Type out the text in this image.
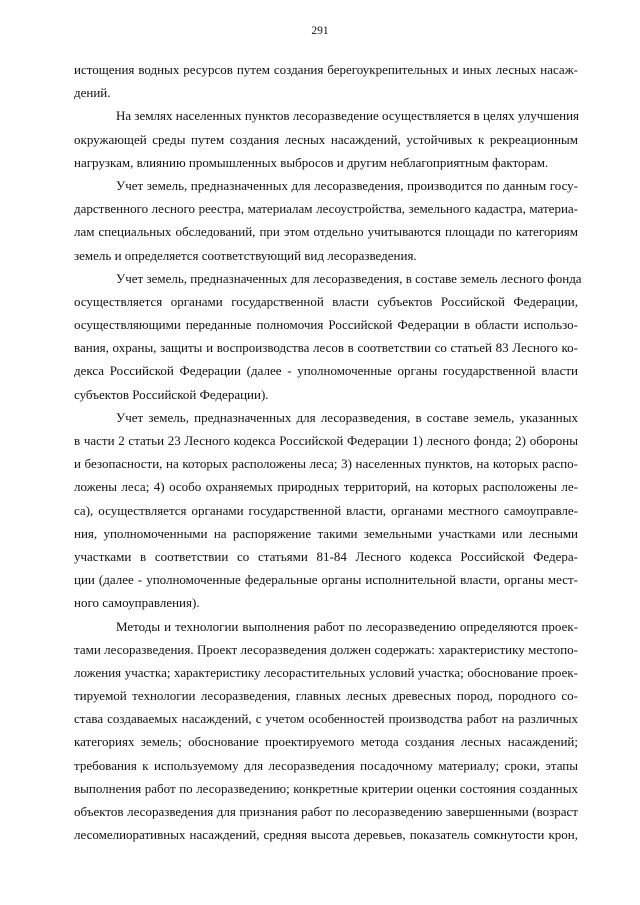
291
истощения водных ресурсов путем создания берегоукрепительных и иных лесных насаж-
дений.
На землях населенных пунктов лесоразведение осуществляется в целях улучшения
окружающей среды путем создания лесных насаждений, устойчивых к рекреационным
нагрузкам, влиянию промышленных выбросов и другим неблагоприятным факторам.
Учет земель, предназначенных для лесоразведения, производится по данным госу-
дарственного лесного реестра, материалам лесоустройства, земельного кадастра, материа-
лам специальных обследований, при этом отдельно учитываются площади по категориям
земель и определяется соответствующий вид лесоразведения.
Учет земель, предназначенных для лесоразведения, в составе земель лесного фонда
осуществляется органами государственной власти субъектов Российской Федерации,
осуществляющими переданные полномочия Российской Федерации в области использо-
вания, охраны, защиты и воспроизводства лесов в соответствии со статьей 83 Лесного ко-
декса Российской Федерации (далее - уполномоченные органы государственной власти
субъектов Российской Федерации).
Учет земель, предназначенных для лесоразведения, в составе земель, указанных
в части 2 статьи 23 Лесного кодекса Российской Федерации 1) лесного фонда; 2) обороны
и безопасности, на которых расположены леса; 3) населенных пунктов, на которых распо-
ложены леса; 4) особо охраняемых природных территорий, на которых расположены ле-
са), осуществляется органами государственной власти, органами местного самоуправле-
ния, уполномоченными на распоряжение такими земельными участками или лесными
участками в соответствии со статьями 81-84 Лесного кодекса Российской Федера-
ции (далее - уполномоченные федеральные органы исполнительной власти, органы мест-
ного самоуправления).
Методы и технологии выполнения работ по лесоразведению определяются проек-
тами лесоразведения. Проект лесоразведения должен содержать: характеристику местопо-
ложения участка; характеристику лесорастительных условий участка; обоснование проек-
тируемой технологии лесоразведения, главных лесных древесных пород, породного со-
става создаваемых насаждений, с учетом особенностей производства работ на различных
категориях земель; обоснование проектируемого метода создания лесных насаждений;
требования к используемому для лесоразведения посадочному материалу; сроки, этапы
выполнения работ по лесоразведению; конкретные критерии оценки состояния созданных
объектов лесоразведения для признания работ по лесоразведению завершенными (возраст
лесомелиоративных насаждений, средняя высота деревьев, показатель сомкнутости крон,
